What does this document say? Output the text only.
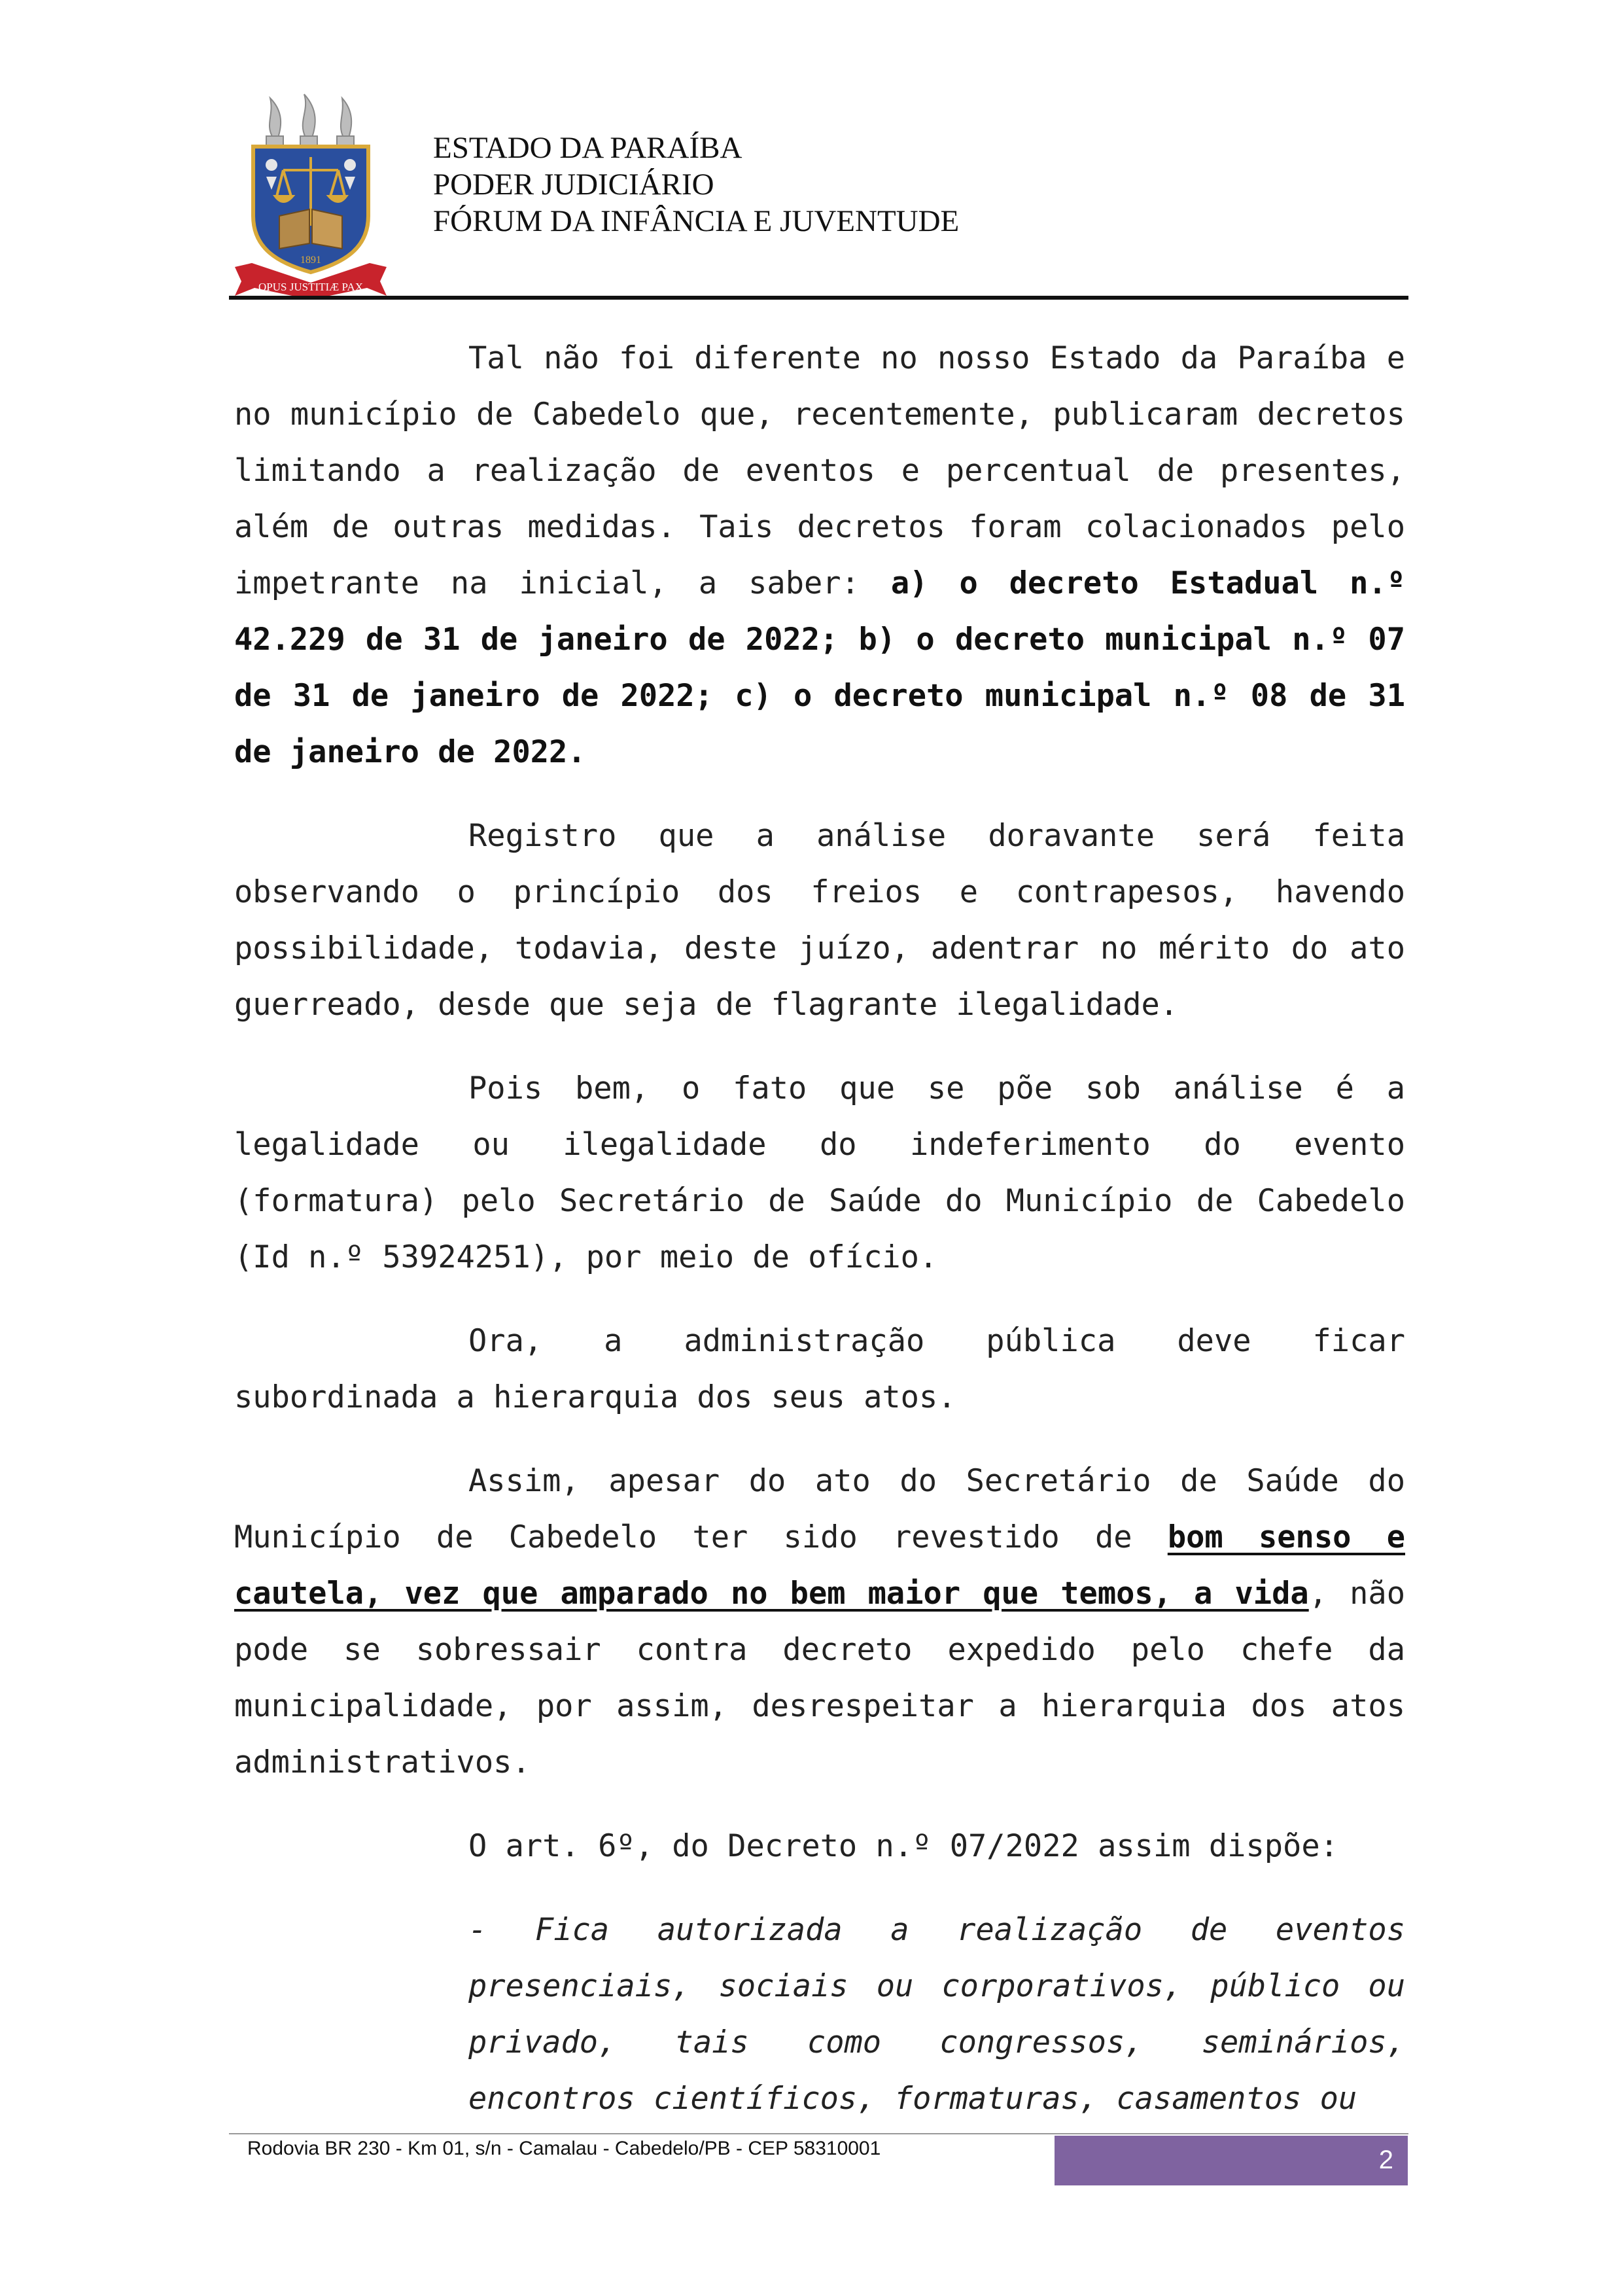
1891
OPUS JUSTITIÆ PAX
ESTADO DA PARAÍBA
PODER JUDICIÁRIO
FÓRUM DA INFÂNCIA E JUVENTUDE

Tal não foi diferente no nosso Estado da Paraíba e no município de Cabedelo que, recentemente, publicaram decretos limitando a realização de eventos e percentual de presentes, além de outras medidas. Tais decretos foram colacionados pelo impetrante na inicial, a saber: a) o decreto Estadual n.º 42.229 de 31 de janeiro de 2022; b) o decreto municipal n.º 07 de 31 de janeiro de 2022; c) o decreto municipal n.º 08 de 31 de janeiro de 2022.

Registro que a análise doravante será feita observando o princípio dos freios e contrapesos, havendo possibilidade, todavia, deste juízo, adentrar no mérito do ato guerreado, desde que seja de flagrante ilegalidade.

Pois bem, o fato que se põe sob análise é a legalidade ou ilegalidade do indeferimento do evento (formatura) pelo Secretário de Saúde do Município de Cabedelo (Id n.º 53924251), por meio de ofício.

Ora, a administração pública deve ficar subordinada a hierarquia dos seus atos.

Assim, apesar do ato do Secretário de Saúde do Município de Cabedelo ter sido revestido de bom senso e cautela, vez que amparado no bem maior que temos, a vida, não pode se sobressair contra decreto expedido pelo chefe da municipalidade, por assim, desrespeitar a hierarquia dos atos administrativos.

O art. 6º, do Decreto n.º 07/2022 assim dispõe:

- Fica autorizada a realização de eventos presenciais, sociais ou corporativos, público ou privado, tais como congressos, seminários, encontros científicos, formaturas, casamentos ou

Rodovia BR 230 - Km 01, s/n - Camalau - Cabedelo/PB - CEP 58310001	2
